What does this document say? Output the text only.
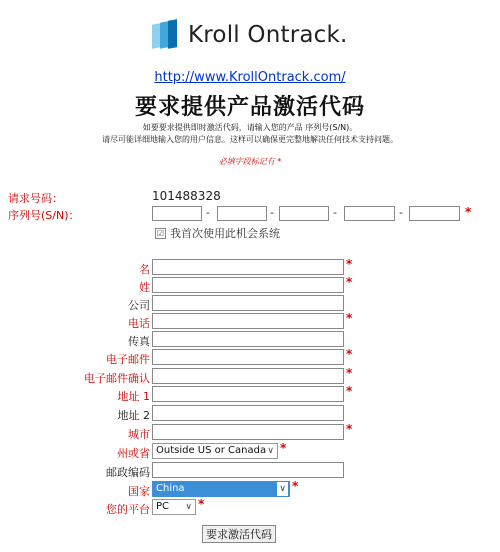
Kroll Ontrack.
http://www.KrollOntrack.com/
要求提供产品激活代码
如要要求提供即时激活代码，请输入您的产品 序列号(S/N)。
请尽可能详细地输入您的用户信息。这样可以确保更完整地解决任何技术支持问题。
必填字段标记有 *
请求号码：	101488328
序列号(S/N)：	-	-	-	-	*
☑ 我首次使用此机会系统
名	*
姓	*
公司
电话	*
传真
电子邮件	*
电子邮件确认	*
地址 1	*
地址 2
城市	*
州或省 Outside US or Canada ∨ *
邮政编码
国家 China	∨ *
您的平台 PC ∨ *
要求激活代码
